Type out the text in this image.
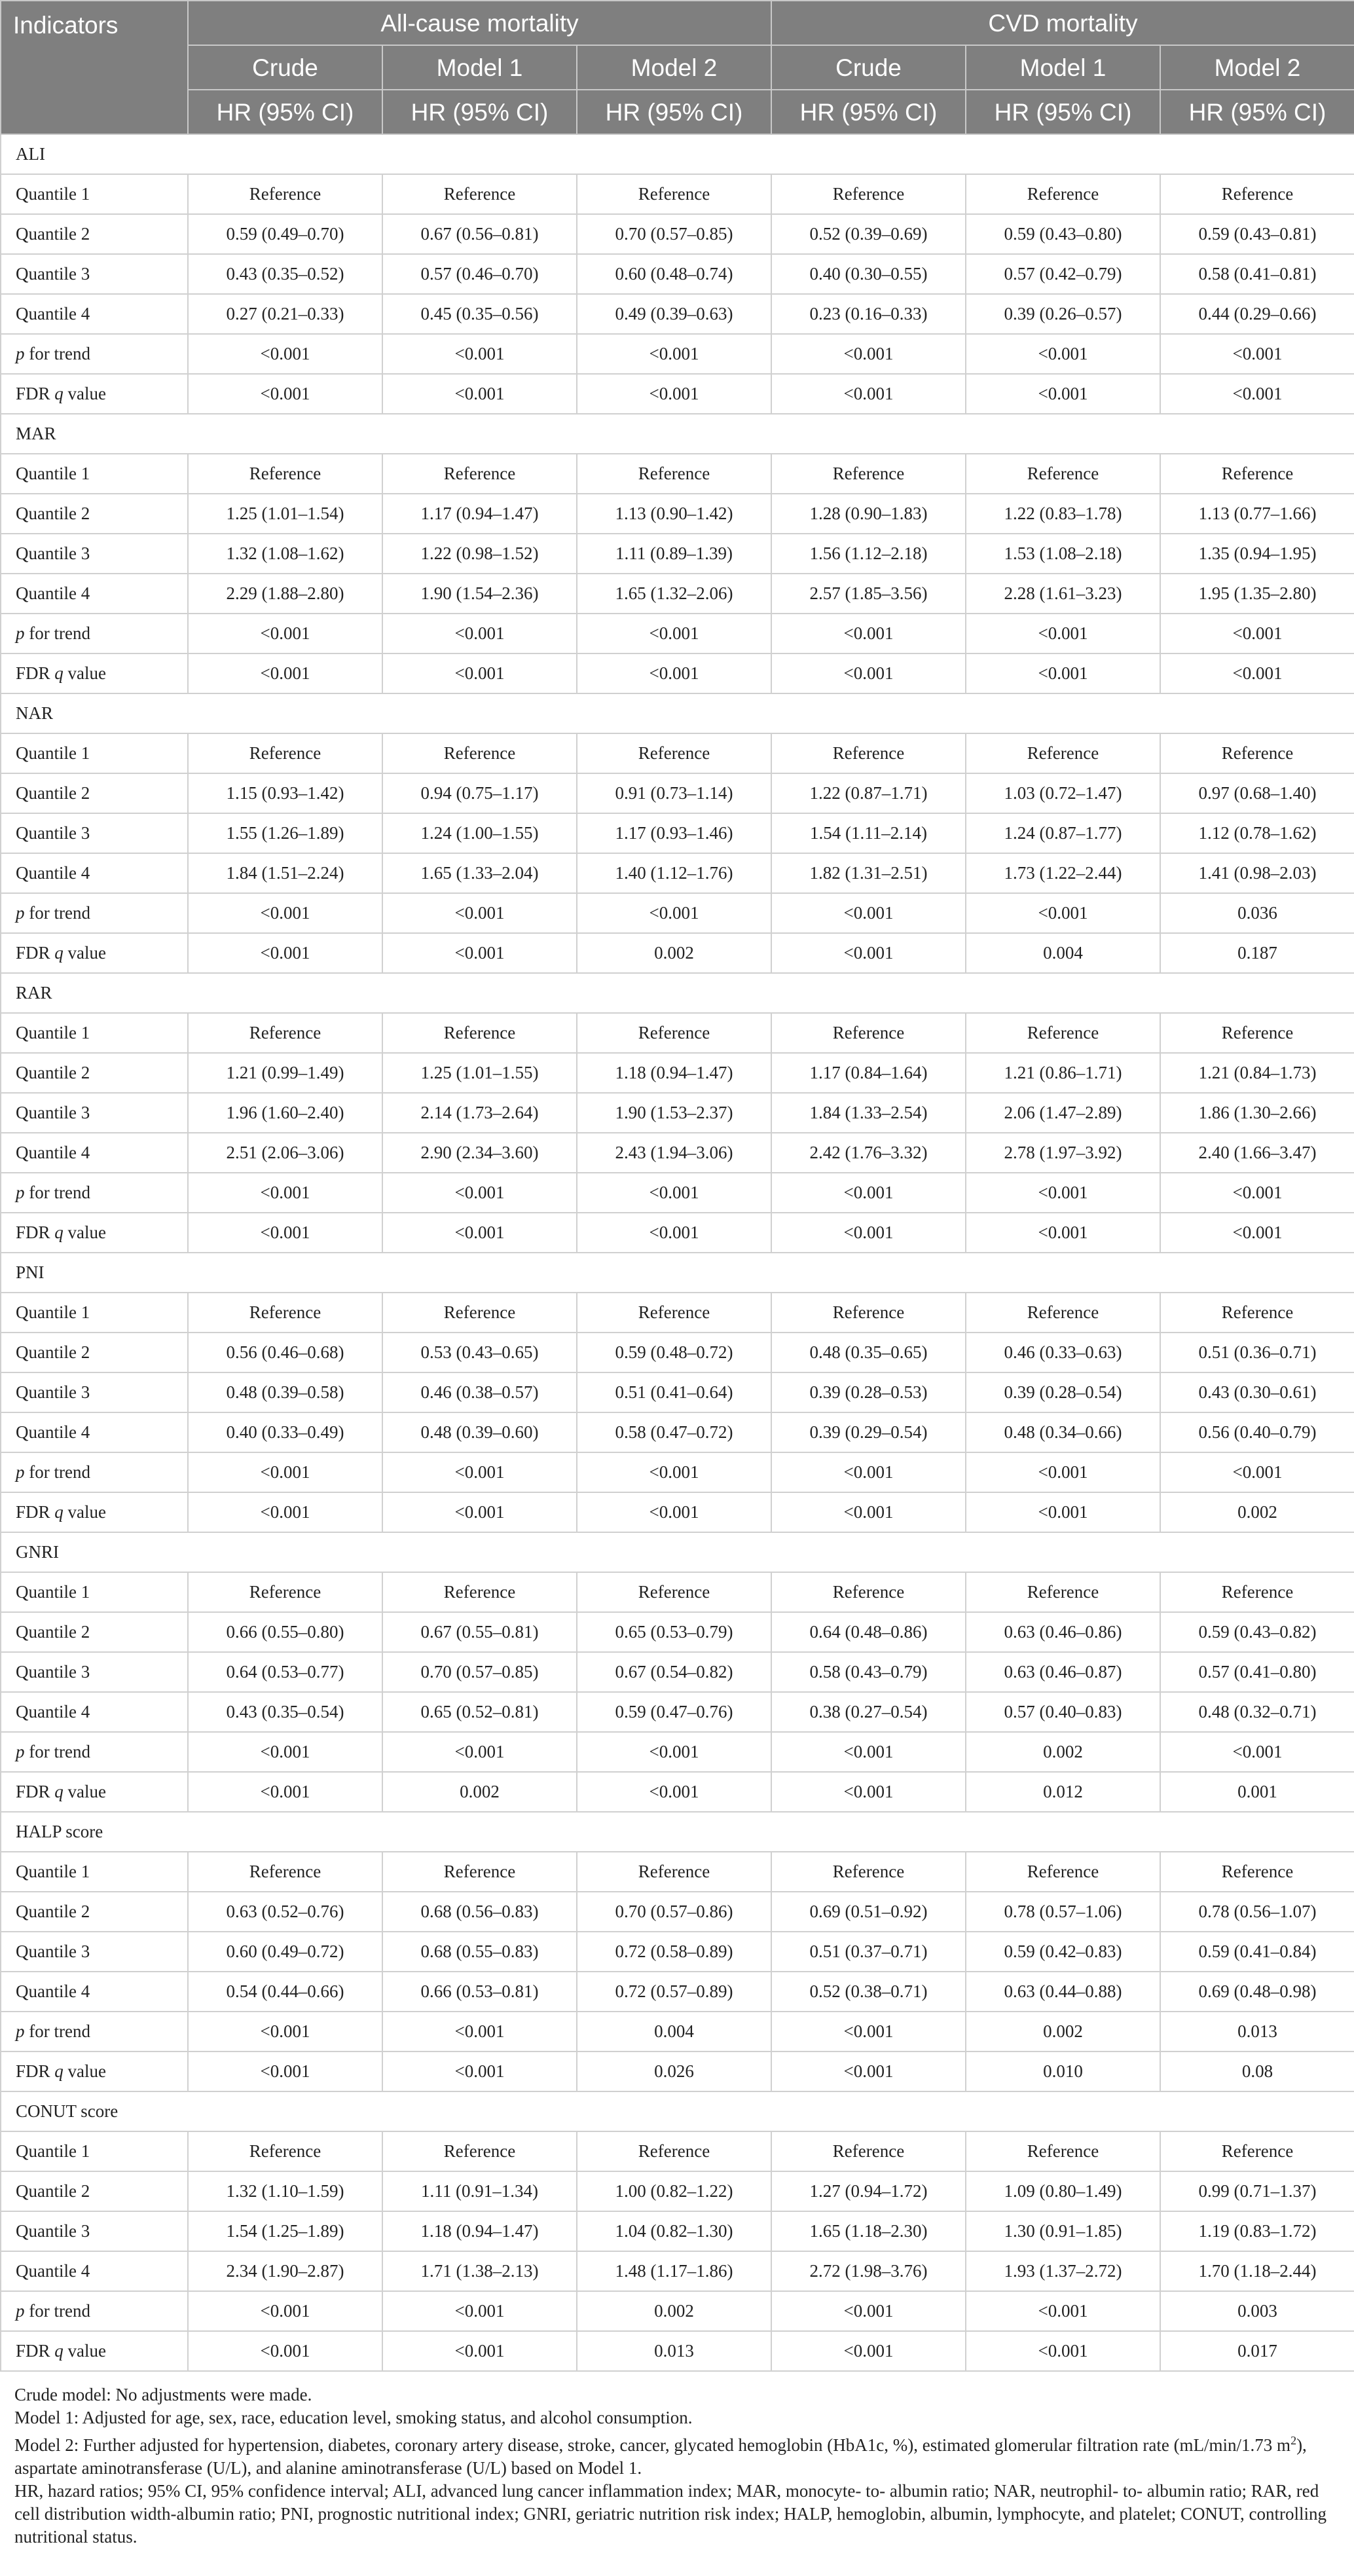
Indicators	All-cause mortality			CVD mortality		
	Crude	Model 1	Model 2	Crude	Model 1	Model 2
	HR (95% CI)	HR (95% CI)	HR (95% CI)	HR (95% CI)	HR (95% CI)	HR (95% CI)
ALI						
Quantile 1	Reference	Reference	Reference	Reference	Reference	Reference
Quantile 2	0.59 (0.49–0.70)	0.67 (0.56–0.81)	0.70 (0.57–0.85)	0.52 (0.39–0.69)	0.59 (0.43–0.80)	0.59 (0.43–0.81)
Quantile 3	0.43 (0.35–0.52)	0.57 (0.46–0.70)	0.60 (0.48–0.74)	0.40 (0.30–0.55)	0.57 (0.42–0.79)	0.58 (0.41–0.81)
Quantile 4	0.27 (0.21–0.33)	0.45 (0.35–0.56)	0.49 (0.39–0.63)	0.23 (0.16–0.33)	0.39 (0.26–0.57)	0.44 (0.29–0.66)
p for trend	<0.001	<0.001	<0.001	<0.001	<0.001	<0.001
FDR q value	<0.001	<0.001	<0.001	<0.001	<0.001	<0.001
MAR						
Quantile 1	Reference	Reference	Reference	Reference	Reference	Reference
Quantile 2	1.25 (1.01–1.54)	1.17 (0.94–1.47)	1.13 (0.90–1.42)	1.28 (0.90–1.83)	1.22 (0.83–1.78)	1.13 (0.77–1.66)
Quantile 3	1.32 (1.08–1.62)	1.22 (0.98–1.52)	1.11 (0.89–1.39)	1.56 (1.12–2.18)	1.53 (1.08–2.18)	1.35 (0.94–1.95)
Quantile 4	2.29 (1.88–2.80)	1.90 (1.54–2.36)	1.65 (1.32–2.06)	2.57 (1.85–3.56)	2.28 (1.61–3.23)	1.95 (1.35–2.80)
p for trend	<0.001	<0.001	<0.001	<0.001	<0.001	<0.001
FDR q value	<0.001	<0.001	<0.001	<0.001	<0.001	<0.001
NAR						
Quantile 1	Reference	Reference	Reference	Reference	Reference	Reference
Quantile 2	1.15 (0.93–1.42)	0.94 (0.75–1.17)	0.91 (0.73–1.14)	1.22 (0.87–1.71)	1.03 (0.72–1.47)	0.97 (0.68–1.40)
Quantile 3	1.55 (1.26–1.89)	1.24 (1.00–1.55)	1.17 (0.93–1.46)	1.54 (1.11–2.14)	1.24 (0.87–1.77)	1.12 (0.78–1.62)
Quantile 4	1.84 (1.51–2.24)	1.65 (1.33–2.04)	1.40 (1.12–1.76)	1.82 (1.31–2.51)	1.73 (1.22–2.44)	1.41 (0.98–2.03)
p for trend	<0.001	<0.001	<0.001	<0.001	<0.001	0.036
FDR q value	<0.001	<0.001	0.002	<0.001	0.004	0.187
RAR						
Quantile 1	Reference	Reference	Reference	Reference	Reference	Reference
Quantile 2	1.21 (0.99–1.49)	1.25 (1.01–1.55)	1.18 (0.94–1.47)	1.17 (0.84–1.64)	1.21 (0.86–1.71)	1.21 (0.84–1.73)
Quantile 3	1.96 (1.60–2.40)	2.14 (1.73–2.64)	1.90 (1.53–2.37)	1.84 (1.33–2.54)	2.06 (1.47–2.89)	1.86 (1.30–2.66)
Quantile 4	2.51 (2.06–3.06)	2.90 (2.34–3.60)	2.43 (1.94–3.06)	2.42 (1.76–3.32)	2.78 (1.97–3.92)	2.40 (1.66–3.47)
p for trend	<0.001	<0.001	<0.001	<0.001	<0.001	<0.001
FDR q value	<0.001	<0.001	<0.001	<0.001	<0.001	<0.001
PNI						
Quantile 1	Reference	Reference	Reference	Reference	Reference	Reference
Quantile 2	0.56 (0.46–0.68)	0.53 (0.43–0.65)	0.59 (0.48–0.72)	0.48 (0.35–0.65)	0.46 (0.33–0.63)	0.51 (0.36–0.71)
Quantile 3	0.48 (0.39–0.58)	0.46 (0.38–0.57)	0.51 (0.41–0.64)	0.39 (0.28–0.53)	0.39 (0.28–0.54)	0.43 (0.30–0.61)
Quantile 4	0.40 (0.33–0.49)	0.48 (0.39–0.60)	0.58 (0.47–0.72)	0.39 (0.29–0.54)	0.48 (0.34–0.66)	0.56 (0.40–0.79)
p for trend	<0.001	<0.001	<0.001	<0.001	<0.001	<0.001
FDR q value	<0.001	<0.001	<0.001	<0.001	<0.001	0.002
GNRI						
Quantile 1	Reference	Reference	Reference	Reference	Reference	Reference
Quantile 2	0.66 (0.55–0.80)	0.67 (0.55–0.81)	0.65 (0.53–0.79)	0.64 (0.48–0.86)	0.63 (0.46–0.86)	0.59 (0.43–0.82)
Quantile 3	0.64 (0.53–0.77)	0.70 (0.57–0.85)	0.67 (0.54–0.82)	0.58 (0.43–0.79)	0.63 (0.46–0.87)	0.57 (0.41–0.80)
Quantile 4	0.43 (0.35–0.54)	0.65 (0.52–0.81)	0.59 (0.47–0.76)	0.38 (0.27–0.54)	0.57 (0.40–0.83)	0.48 (0.32–0.71)
p for trend	<0.001	<0.001	<0.001	<0.001	0.002	<0.001
FDR q value	<0.001	0.002	<0.001	<0.001	0.012	0.001
HALP score						
Quantile 1	Reference	Reference	Reference	Reference	Reference	Reference
Quantile 2	0.63 (0.52–0.76)	0.68 (0.56–0.83)	0.70 (0.57–0.86)	0.69 (0.51–0.92)	0.78 (0.57–1.06)	0.78 (0.56–1.07)
Quantile 3	0.60 (0.49–0.72)	0.68 (0.55–0.83)	0.72 (0.58–0.89)	0.51 (0.37–0.71)	0.59 (0.42–0.83)	0.59 (0.41–0.84)
Quantile 4	0.54 (0.44–0.66)	0.66 (0.53–0.81)	0.72 (0.57–0.89)	0.52 (0.38–0.71)	0.63 (0.44–0.88)	0.69 (0.48–0.98)
p for trend	<0.001	<0.001	0.004	<0.001	0.002	0.013
FDR q value	<0.001	<0.001	0.026	<0.001	0.010	0.08
CONUT score						
Quantile 1	Reference	Reference	Reference	Reference	Reference	Reference
Quantile 2	1.32 (1.10–1.59)	1.11 (0.91–1.34)	1.00 (0.82–1.22)	1.27 (0.94–1.72)	1.09 (0.80–1.49)	0.99 (0.71–1.37)
Quantile 3	1.54 (1.25–1.89)	1.18 (0.94–1.47)	1.04 (0.82–1.30)	1.65 (1.18–2.30)	1.30 (0.91–1.85)	1.19 (0.83–1.72)
Quantile 4	2.34 (1.90–2.87)	1.71 (1.38–2.13)	1.48 (1.17–1.86)	2.72 (1.98–3.76)	1.93 (1.37–2.72)	1.70 (1.18–2.44)
p for trend	<0.001	<0.001	0.002	<0.001	<0.001	0.003
FDR q value	<0.001	<0.001	0.013	<0.001	<0.001	0.017

Crude model: No adjustments were made.

Model 1: Adjusted for age, sex, race, education level, smoking status, and alcohol consumption.

Model 2: Further adjusted for hypertension, diabetes, coronary artery disease, stroke, cancer, glycated hemoglobin (HbA1c, %), estimated glomerular filtration rate (mL/min/1.73 $m^2$), aspartate aminotransferase (U/L), and alanine aminotransferase (U/L) based on Model 1.

HR, hazard ratios; 95% CI, 95% confidence interval; ALI, advanced lung cancer inflammation index; MAR, monocyte- to- albumin ratio; NAR, neutrophil- to- albumin ratio; RAR, red cell distribution width-albumin ratio; PNI, prognostic nutritional index; GNRI, geriatric nutrition risk index; HALP, hemoglobin, albumin, lymphocyte, and platelet; CONUT, controlling nutritional status.
